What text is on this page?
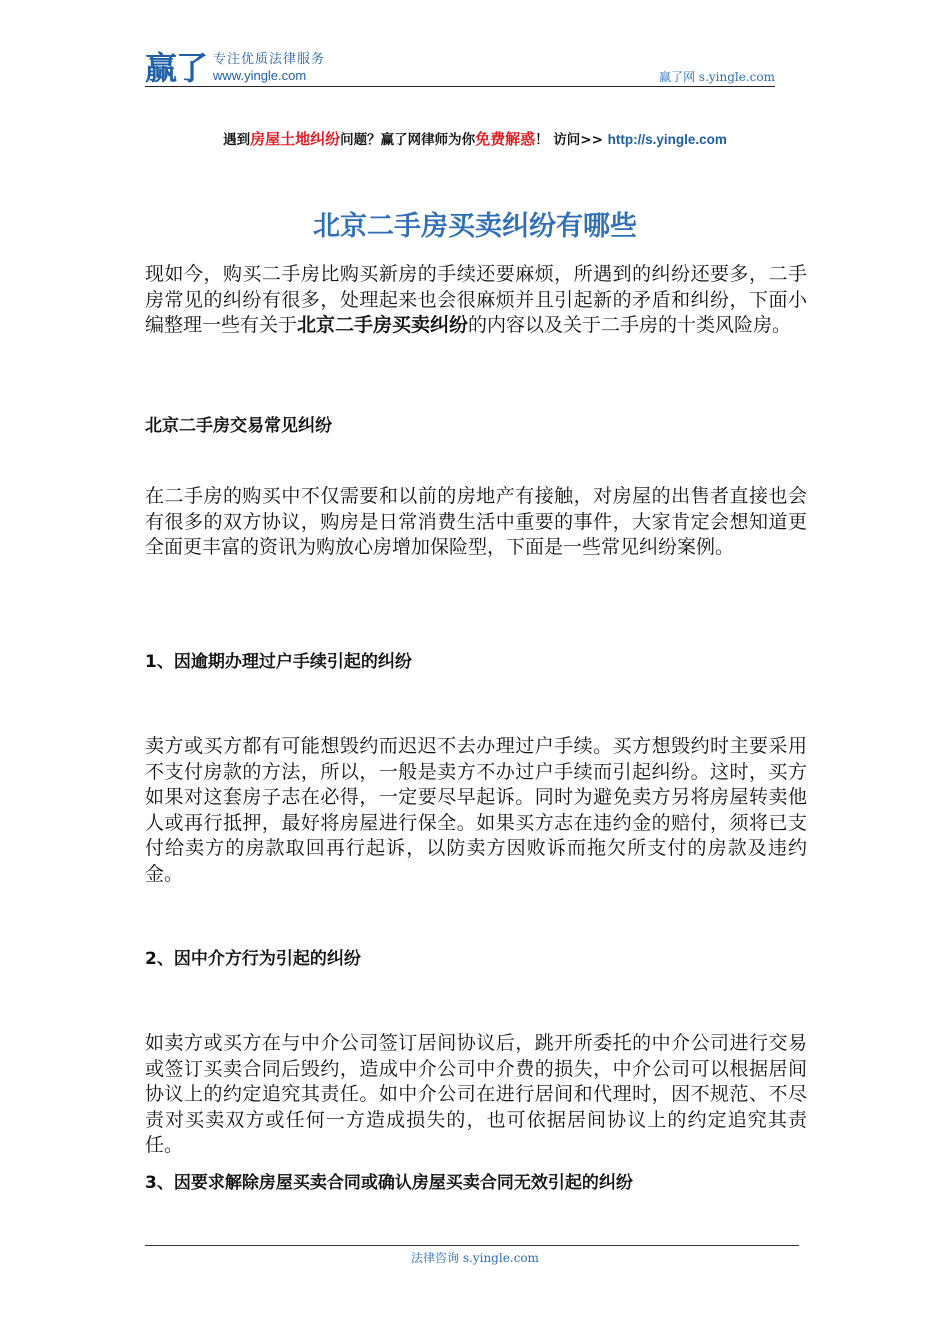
赢了 专注优质法律服务
www.yingle.com	赢了网 s.yingle.com
遇到房屋土地纠纷问题？赢了网律师为你免费解惑！ 访问>> http://s.yingle.com
北京二手房买卖纠纷有哪些

现如今，购买二手房比购买新房的手续还要麻烦，所遇到的纠纷还要多，二手房常见的纠纷有很多，处理起来也会很麻烦并且引起新的矛盾和纠纷，下面小编整理一些有关于北京二手房买卖纠纷的内容以及关于二手房的十类风险房。

北京二手房交易常见纠纷

在二手房的购买中不仅需要和以前的房地产有接触，对房屋的出售者直接也会有很多的双方协议，购房是日常消费生活中重要的事件，大家肯定会想知道更全面更丰富的资讯为购放心房增加保险型，下面是一些常见纠纷案例。

1、因逾期办理过户手续引起的纠纷

卖方或买方都有可能想毁约而迟迟不去办理过户手续。买方想毁约时主要采用不支付房款的方法，所以，一般是卖方不办过户手续而引起纠纷。这时，买方如果对这套房子志在必得，一定要尽早起诉。同时为避免卖方另将房屋转卖他人或再行抵押，最好将房屋进行保全。如果买方志在违约金的赔付，须将已支付给卖方的房款取回再行起诉，以防卖方因败诉而拖欠所支付的房款及违约金。

2、因中介方行为引起的纠纷

如卖方或买方在与中介公司签订居间协议后，跳开所委托的中介公司进行交易或签订买卖合同后毁约，造成中介公司中介费的损失，中介公司可以根据居间协议上的约定追究其责任。如中介公司在进行居间和代理时，因不规范、不尽责对买卖双方或任何一方造成损失的，也可依据居间协议上的约定追究其责任。

3、因要求解除房屋买卖合同或确认房屋买卖合同无效引起的纠纷
法律咨询 s.yingle.com
